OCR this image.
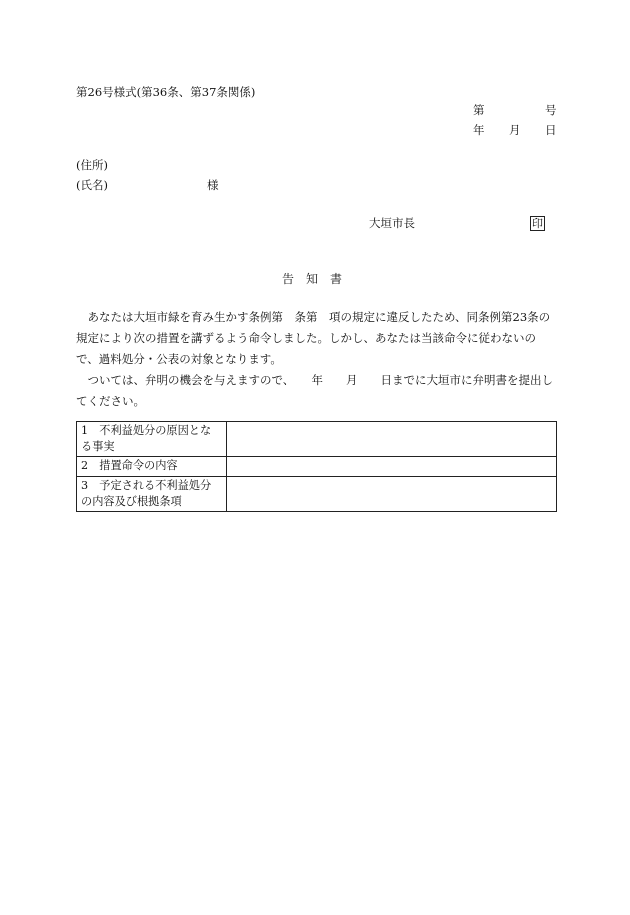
第26号様式(第36条、第37条関係)
第	号
年 月 日
(住所)
(氏名)	様
大垣市長	印
告　知　書
　あなたは大垣市緑を育み生かす条例第　条第　項の規定に違反したため、同条例第23条の規定により次の措置を講ずるよう命令しました。しかし、あなたは当該命令に従わないので、過料処分・公表の対象となります。
　ついては、弁明の機会を与えますので、　　年　　月　　日までに大垣市に弁明書を提出してください。
1　不利益処分の原因となる事実	
2　措置命令の内容	
3　予定される不利益処分の内容及び根拠条項	
